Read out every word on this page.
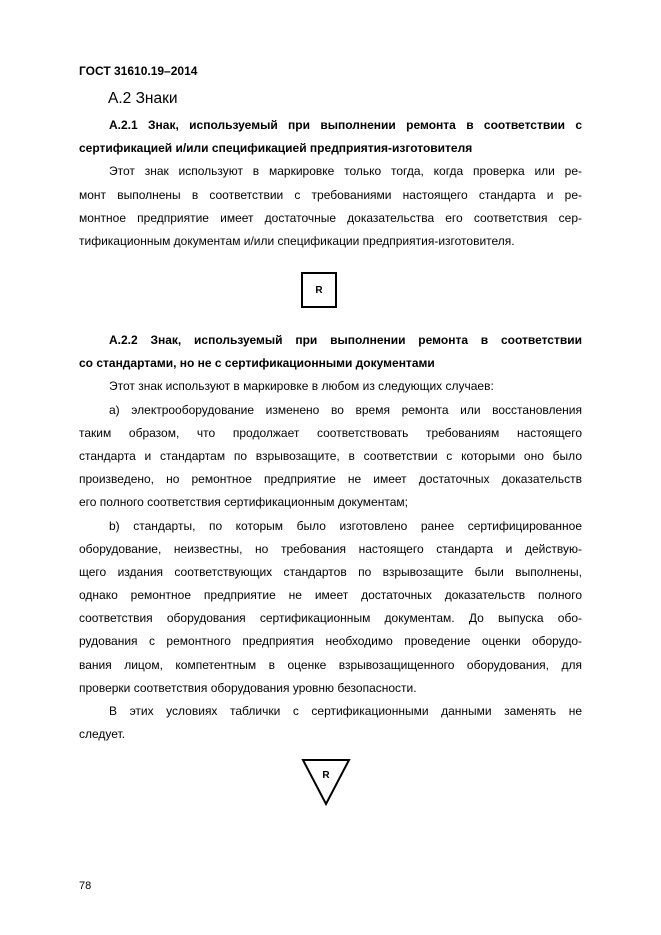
ГОСТ 31610.19–2014
А.2 Знаки
А.2.1 Знак, используемый при выполнении ремонта в соответствии с
сертификацией и/или спецификацией предприятия-изготовителя
Этот знак используют в маркировке только тогда, когда проверка или ре-
монт выполнены в соответствии с требованиями настоящего стандарта и ре-
монтное предприятие имеет достаточные доказательства его соответствия сер-
тификационным документам и/или спецификации предприятия-изготовителя.
R
А.2.2 Знак, используемый при выполнении ремонта в соответствии
со стандартами, но не с сертификационными документами
Этот знак используют в маркировке в любом из следующих случаев:
а) электрооборудование изменено во время ремонта или восстановления
таким образом, что продолжает соответствовать требованиям настоящего
стандарта и стандартам по взрывозащите, в соответствии с которыми оно было
произведено, но ремонтное предприятие не имеет достаточных доказательств
его полного соответствия сертификационным документам;
b) стандарты, по которым было изготовлено ранее сертифицированное
оборудование, неизвестны, но требования настоящего стандарта и действую-
щего издания соответствующих стандартов по взрывозащите были выполнены,
однако ремонтное предприятие не имеет достаточных доказательств полного
соответствия оборудования сертификационным документам. До выпуска обо-
рудования с ремонтного предприятия необходимо проведение оценки оборудо-
вания лицом, компетентным в оценке взрывозащищенного оборудования, для
проверки соответствия оборудования уровню безопасности.
В этих условиях таблички с сертификационными данными заменять не
следует.
R
78
